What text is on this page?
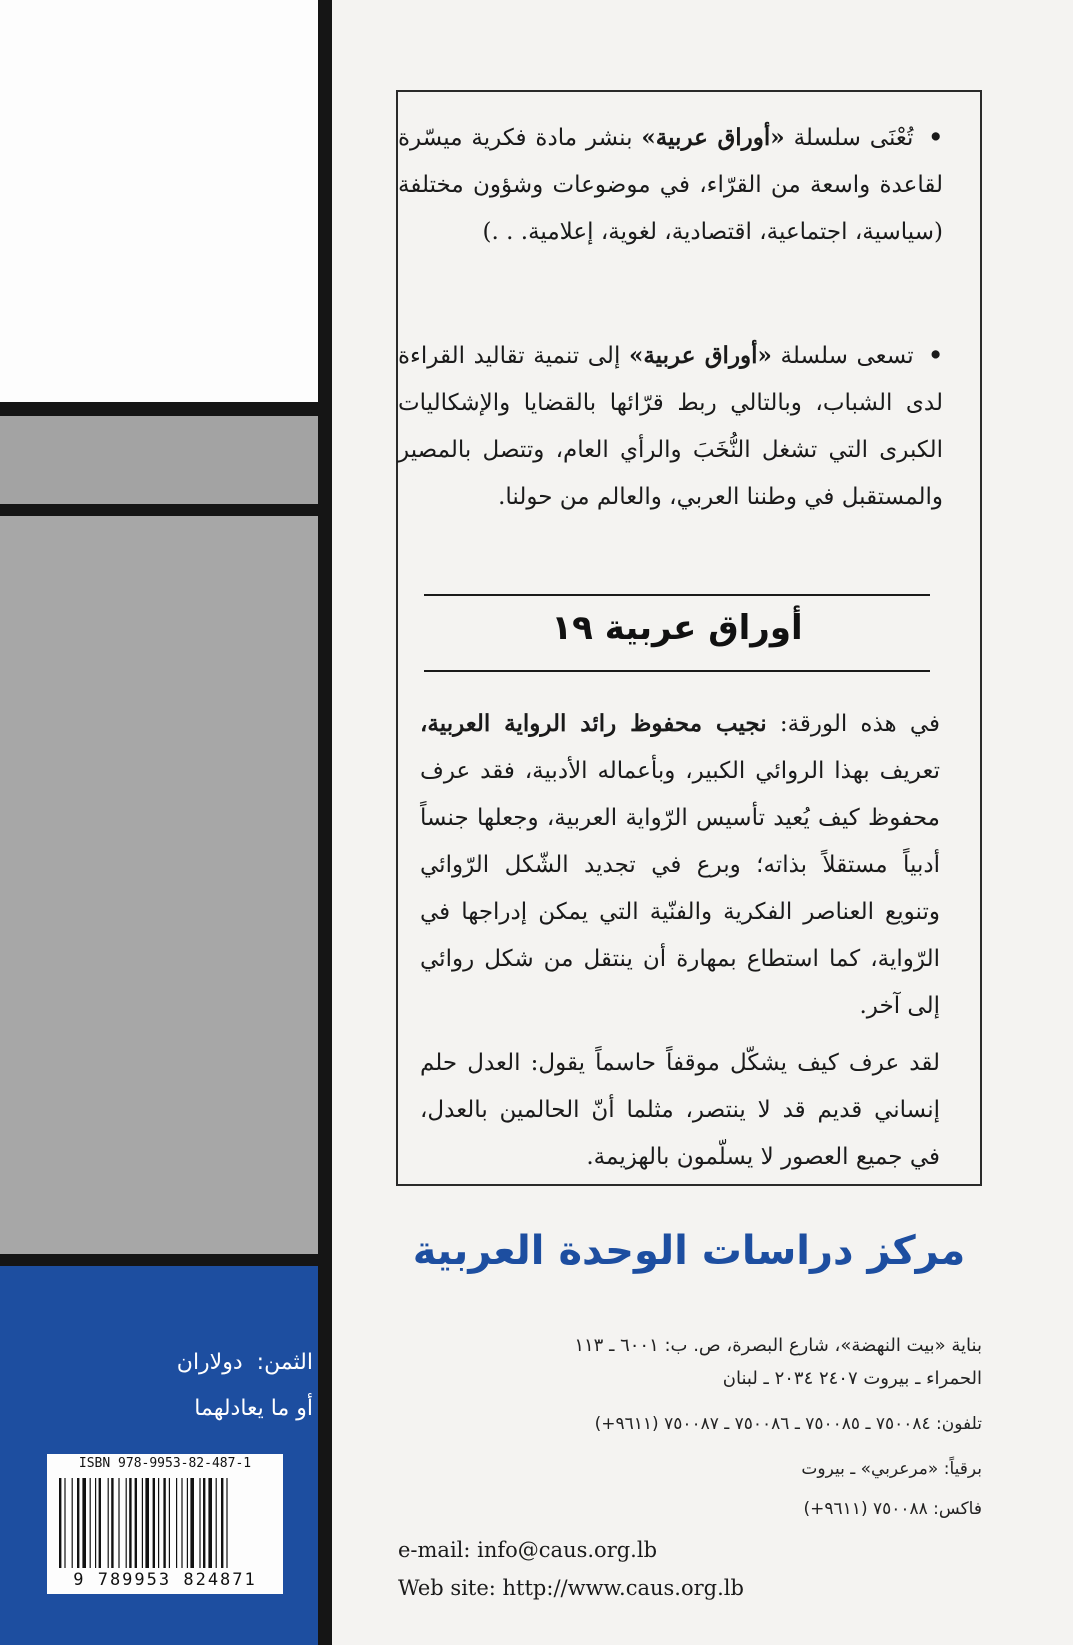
الثمن:  دولاران
أو ما يعادلهما
ISBN 978-9953-82-487-1
9 789953 824871
• تُعْنَى سلسلة «أوراق عربية» بنشر مادة فكرية ميسّرة لقاعدة واسعة من القرّاء، في موضوعات وشؤون مختلفة (سياسية، اجتماعية، اقتصادية، لغوية، إعلامية. . .)
• تسعى سلسلة «أوراق عربية» إلى تنمية تقاليد القراءة لدى الشباب، وبالتالي ربط قرّائها بالقضايا والإشكاليات الكبرى التي تشغل النُّخَبَ والرأي العام، وتتصل بالمصير والمستقبل في وطننا العربي، والعالم من حولنا.
أوراق عربية ١٩
في هذه الورقة: نجيب محفوظ رائد الرواية العربية، تعريف بهذا الروائي الكبير، وبأعماله الأدبية، فقد عرف محفوظ كيف يُعيد تأسيس الرّواية العربية، وجعلها جنساً أدبياً مستقلاً بذاته؛ وبرع في تجديد الشّكل الرّوائي وتنويع العناصر الفكرية والفنّية التي يمكن إدراجها في الرّواية، كما استطاع بمهارة أن ينتقل من شكل روائي إلى آخر.
لقد عرف كيف يشكّل موقفاً حاسماً يقول: العدل حلم إنساني قديم قد لا ينتصر، مثلما أنّ الحالمين بالعدل، في جميع العصور لا يسلّمون بالهزيمة.
مركز دراسات الوحدة العربية
بناية «بيت النهضة»، شارع البصرة، ص. ب: ٦٠٠١ ـ ١١٣
الحمراء ـ بيروت ٢٤٠٧ ٢٠٣٤ ـ لبنان
تلفون: ٧٥٠٠٨٤ ـ ٧٥٠٠٨٥ ـ ٧٥٠٠٨٦ ـ ٧٥٠٠٨٧ (٩٦١١+)
برقياً: «مرعربي» ـ بيروت
فاكس: ٧٥٠٠٨٨ (٩٦١١+)
e-mail: info@caus.org.lb
Web site: http://www.caus.org.lb
